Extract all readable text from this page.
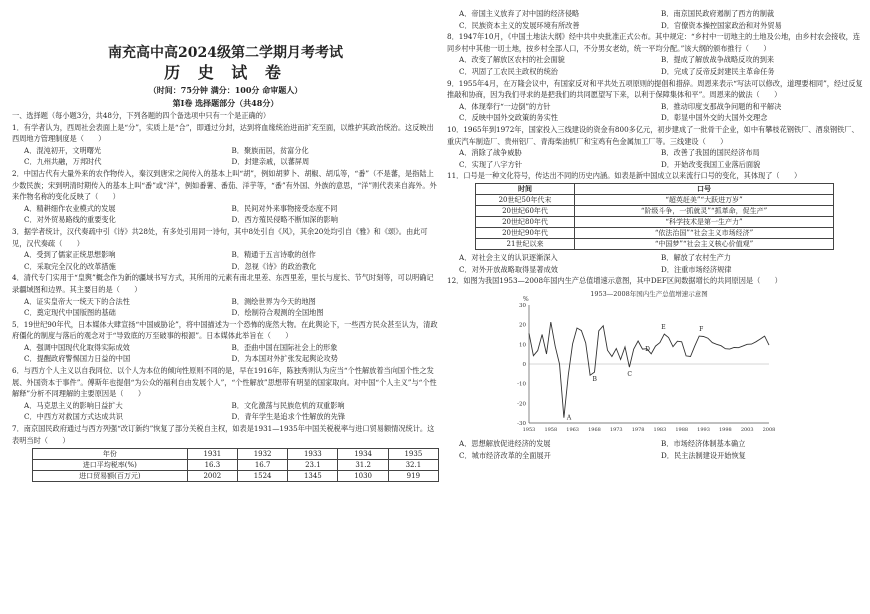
南充高中高2024级第二学期月考考试
历 史 试 卷
（时间：75分钟 满分：100分 命审题人）
第Ⅰ卷 选择题部分（共48分）

一、选择题（每小题3分，共48分，下列各题的四个备选项中只有一个是正确的）

1．有学者认为，西周社会表面上是“分”，实质上是“合”，即通过分封，达到将血缘统治进而扩充至面，以维护其政治统治。这反映出西周地方管理制度是（　　）

A．混沌初开，文明曙光	B．聚族而居，贫富分化
C．九州共融，万邦时代	D．封建亲戚，以蕃屏周

2．中国古代有大量外来的农作物传入，秦汉到唐宋之间传入的基本上叫“胡”，例如胡萝卜、胡椒、胡瓜等，“番”（不是蕃，是指陆上少数民族；宋到明清时期传入的基本上叫“番”或“洋”，例如番薯、番茄、洋芋等，“番”有外国、外族的意思，“洋”则代表来自海外。外来作物名称的变化反映了（　　）

A．精耕细作农业模式的发展	B．民间对外来事物接受态度不同
C．对外贸易路线的重要变化	D．西方殖民侵略不断加深的影响

3．据学者统计，汉代奏疏中引《诗》共28处，有多处引用同一诗句，其中8处引自《风》，其余20处均引自《雅》和《颂》。由此可见，汉代奏疏（　　）

A．受到了儒家正统思想影响	B．精通于五言诗歌的创作
C．采取完全汉化的改革措施	D．忽视《诗》的政治教化

4．清代专门实用于“皇舆”概念作为新的疆域书写方式，其所用的元素有南北里差、东西里差，里长与度长、节气时刻等，可以明确记录疆域图和边界。其主要目的是（　　）

A．证实皇帝大一统天下的合法性	B．测绘世界为今天的地图
C．奠定现代中国版图的基础	D．绘制符合观测的全国地图

5．19世纪90年代，日本媒体大肆宣扬“中国威胁论”，将中国描述为一个恐怖的庞然大物。在此舆论下，一些西方民众甚至认为，清政府僵化的制度与落后的观念对于“导致底的万至破事的根源”。日本媒体此举旨在（　　）

A．强调中国现代化取得实际成效	B．歪曲中国在国际社会上的形象
C．提醒政府警惕国力日益的中国	D．为本国对外扩张发起舆论攻势

6．与西方个人主义以自我同位、以个人为本位的倾向性原则不同的是，早在1916年，陈独秀则认为应当“个性解放着当向国个性之发展、外国资本于事件”。傅斯年也提倡“为公众的福利自由发展个人”，“个性解放”思想带有明显的国家取向。对中国“个人主义”与“个性解释”分析不同理解的主要原因是（　　）

A．马克思主义的影响日益扩大	B．文化激荡与民族危机的双重影响
C．中西方对救国方式达成共识	D．青年学生是追求个性解放的先锋

7．南京国民政府通过与西方列强“改订新约”恢复了部分关税自主权，如表是1931—1935年中国关税税率与进口贸易额情况统计。这表明当时（　　）

年份	1931	1932	1933	1934	1935
进口平均税率(%)	16.3	16.7	23.1	31.2	32.1
进口贸易额(百万元)	2002	1524	1345	1030	919
A．帝国主义放弃了对中国的经济侵略	B．南京国民政府遏制了西方的制裁
C．民族资本主义的发展环境有所改善	D．官僚资本操控国家政治和对外贸易

8．1947年10月，《中国土地法大纲》经中共中央批准正式公布。其中规定：“乡村中一切地主的土地及公地，由乡村农会接收，连同乡村中其他一切土地，按乡村全部人口，不分男女老幼，统一平均分配。”该大纲的颁布推行（　　）

A．改变了解放区农村的社会面貌	B．提成了解放战争战略反攻的到来
C．巩固了工农民主政权的统治	D．完成了反帝反封建民主革命任务

9．1955年4月，在万隆会议中，有国家反对和平共处五项原则的提倡和措辞。周恩来表示“写法可以修改，道理要相同”，经过反复推敲和协商，因为我们寻求的是把我们的共同愿望写下来，以利于保障集体和平”。周恩来的做法（　　）

A．体现奉行“一边倒”的方针	B．推动印度支那战争问题的和平解决
C．反映中国外交政策的务实性	D．彰显中国外交的大国外交理念

10．1965年到1972年，国家投入三线建设的资金有800多亿元，初步建成了一批骨干企业，如中有攀枝花钢铁厂、酒泉钢铁厂、重庆汽车制造厂、贵州铝厂、青海柴油机厂和宝鸡有色金属加工厂等。三线建设（　　）

A．消除了战争威胁	B．改善了我国的国民经济布局
C．实现了八字方针	D．开始改变我国工业落后面貌

11．口号是一种文化符号，传达出不同的历史内涵。如表是新中国成立以来流行口号的变化，其体现了（　　）

时间	口号
20世纪50年代末	“超英赶美”“大跃进万岁”
20世纪60年代	“阶级斗争，一抓就灵”“抓革命，促生产”
20世纪80年代	“科学技术是第一生产力”
20世纪90年代	“依法治国”“社会主义市场经济”
21世纪以来	“中国梦”“社会主义核心价值观”
A．对社会主义的认识逐渐深入	B．解放了农村生产力
C．对外开放战略取得显著成效	D．注重市场经济规律

12．如图为我国1953—2008年国内生产总值增速示意图，其中DEF区间数据增长的共同原因是（　　）

1953—2008年国内生产总值增速示意图
%
30
20
10
0
-10
-20
-30
1953 1958 1963 1968 1973 1978 1983 1988 1993 1998 2003 2008
A
B
C
D
E	F
A．思想解放促进经济的发展	B．市场经济体制基本确立
C．城市经济改革的全面展开	D．民主法制建设开始恢复
